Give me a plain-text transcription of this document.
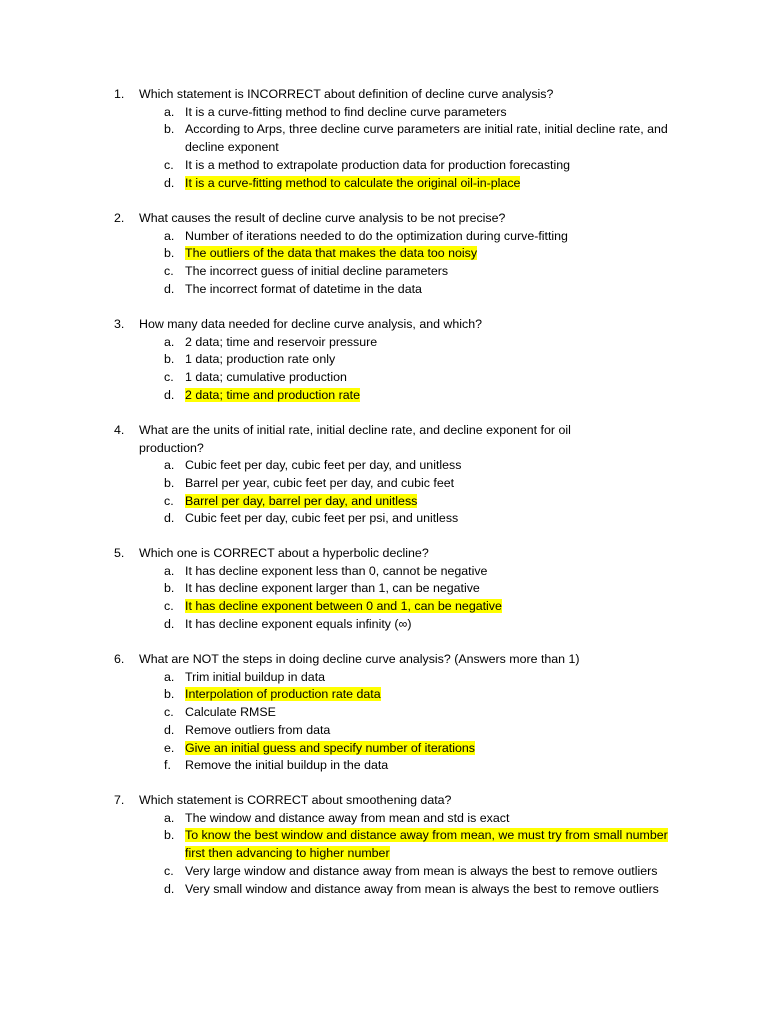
1.	Which statement is INCORRECT about definition of decline curve analysis?
a. It is a curve-fitting method to find decline curve parameters
b. According to Arps, three decline curve parameters are initial rate, initial decline rate, and decline exponent
c. It is a method to extrapolate production data for production forecasting
d. It is a curve-fitting method to calculate the original oil-in-place
2.	What causes the result of decline curve analysis to be not precise?
a. Number of iterations needed to do the optimization during curve-fitting
b. The outliers of the data that makes the data too noisy
c. The incorrect guess of initial decline parameters
d. The incorrect format of datetime in the data
3.	How many data needed for decline curve analysis, and which?
a. 2 data; time and reservoir pressure
b. 1 data; production rate only
c. 1 data; cumulative production
d. 2 data; time and production rate
4.	What are the units of initial rate, initial decline rate, and decline exponent for oil
production?
a. Cubic feet per day, cubic feet per day, and unitless
b. Barrel per year, cubic feet per day, and cubic feet
c. Barrel per day, barrel per day, and unitless
d. Cubic feet per day, cubic feet per psi, and unitless
5.	Which one is CORRECT about a hyperbolic decline?
a. It has decline exponent less than 0, cannot be negative
b. It has decline exponent larger than 1, can be negative
c. It has decline exponent between 0 and 1, can be negative
d. It has decline exponent equals infinity (∞)
6.	What are NOT the steps in doing decline curve analysis? (Answers more than 1)
a. Trim initial buildup in data
b. Interpolation of production rate data
c. Calculate RMSE
d. Remove outliers from data
e. Give an initial guess and specify number of iterations
f.	Remove the initial buildup in the data
7.	Which statement is CORRECT about smoothening data?
a. The window and distance away from mean and std is exact
b. To know the best window and distance away from mean, we must try from small number first then advancing to higher number
c. Very large window and distance away from mean is always the best to remove outliers
d. Very small window and distance away from mean is always the best to remove outliers
